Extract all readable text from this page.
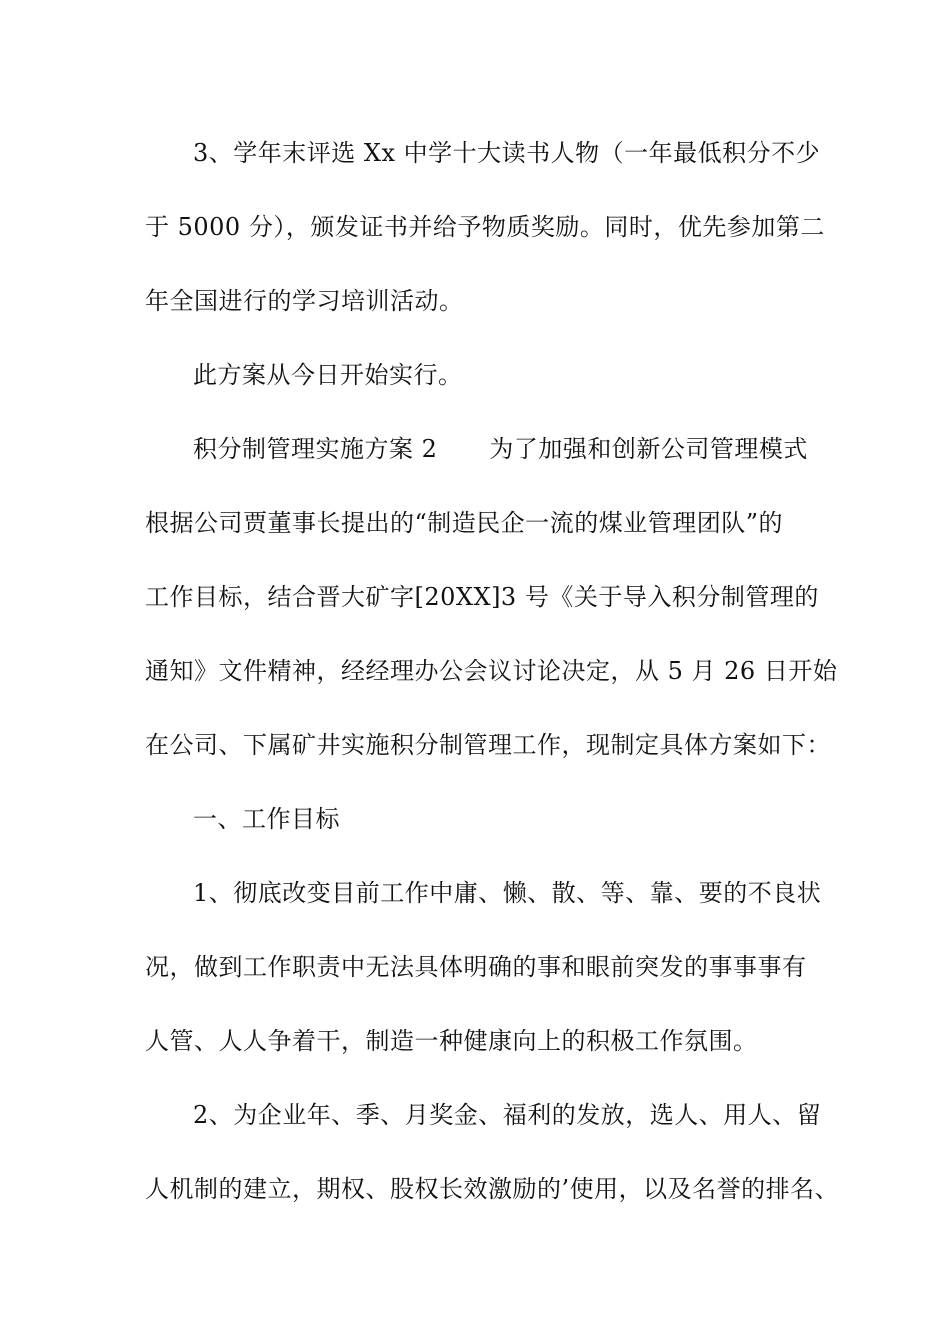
3、学年末评选 Xx 中学十大读书人物（一年最低积分不少
于 5000 分），颁发证书并给予物质奖励。同时，优先参加第二
年全国进行的学习培训活动。
此方案从今日开始实行。
积分制管理实施方案 2 为了加强和创新公司管理模式
根据公司贾董事长提出的“制造民企一流的煤业管理团队”的
工作目标，结合晋大矿字[20XX]3 号《关于导入积分制管理的
通知》文件精神，经经理办公会议讨论决定，从 5 月 26 日开始
在公司、下属矿井实施积分制管理工作，现制定具体方案如下：
一、工作目标
1、彻底改变目前工作中庸、懒、散、等、靠、要的不良状
况，做到工作职责中无法具体明确的事和眼前突发的事事事有
人管、人人争着干，制造一种健康向上的积极工作氛围。
2、为企业年、季、月奖金、福利的发放，选人、用人、留
人机制的建立，期权、股权长效激励的’使用，以及名誉的排名、
